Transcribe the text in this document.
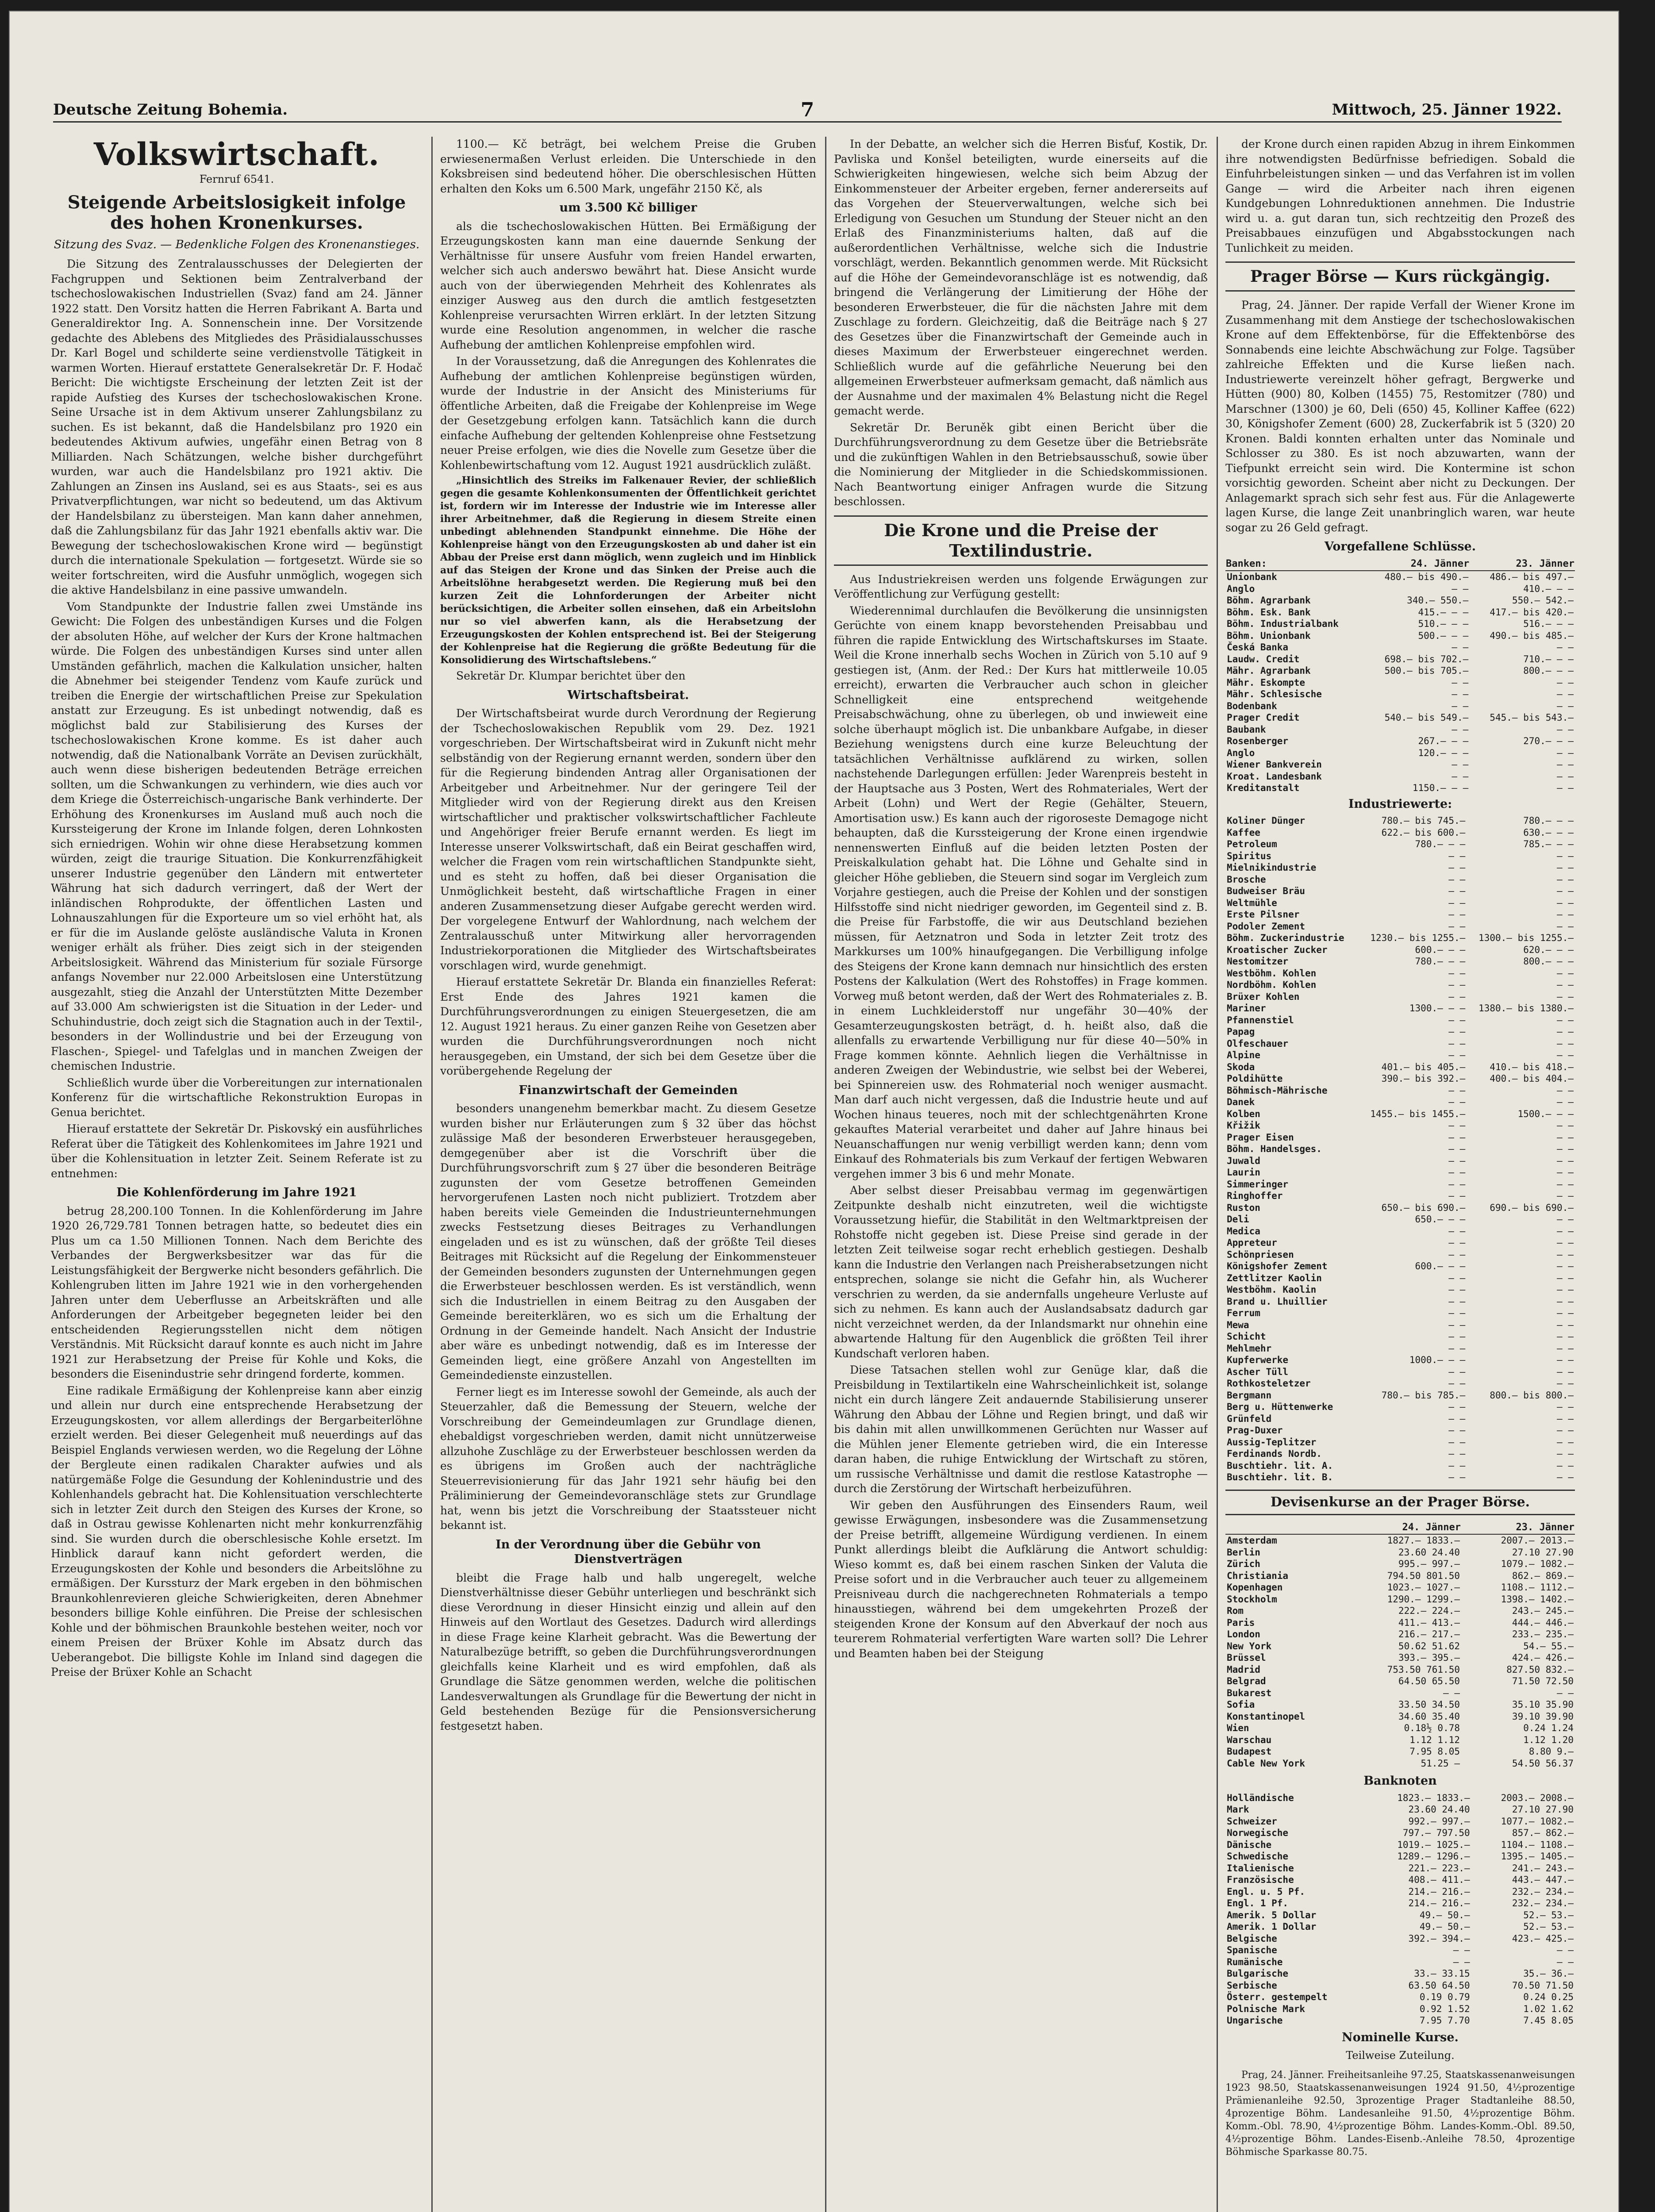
Deutsche Zeitung Bohemia.	7	Mittwoch, 25. Jänner 1922.
Volkswirtschaft.
Fernruf 6541.
Steigende Arbeitslosigkeit infolge des hohen Kronenkurses.
Sitzung des Svaz. — Bedenkliche Folgen des Kronenanstieges.

Die Sitzung des Zentralausschusses der Delegierten der Fachgruppen und Sektionen beim Zentralverband der tschechoslowakischen Industriellen (Svaz) fand am 24. Jänner 1922 statt. Den Vorsitz hatten die Herren Fabrikant A. Barta und Generaldirektor Ing. A. Sonnenschein inne. Der Vorsitzende gedachte des Ablebens des Mitgliedes des Präsidialausschusses Dr. Karl Bogel und schilderte seine verdienstvolle Tätigkeit in warmen Worten. Hierauf erstattete Generalsekretär Dr. F. Hodač Bericht: Die wichtigste Erscheinung der letzten Zeit ist der rapide Aufstieg des Kurses der tschechoslowakischen Krone. Seine Ursache ist in dem Aktivum unserer Zahlungsbilanz zu suchen. Es ist bekannt, daß die Handelsbilanz pro 1920 ein bedeutendes Aktivum aufwies, ungefähr einen Betrag von 8 Milliarden. Nach Schätzungen, welche bisher durchgeführt wurden, war auch die Handelsbilanz pro 1921 aktiv. Die Zahlungen an Zinsen ins Ausland, sei es aus Staats-, sei es aus Privatverpflichtungen, war nicht so bedeutend, um das Aktivum der Handelsbilanz zu übersteigen. Man kann daher annehmen, daß die Zahlungsbilanz für das Jahr 1921 ebenfalls aktiv war. Die Bewegung der tschechoslowakischen Krone wird — begünstigt durch die internationale Spekulation — fortgesetzt. Würde sie so weiter fortschreiten, wird die Ausfuhr unmöglich, wogegen sich die aktive Handelsbilanz in eine passive umwandeln.

Vom Standpunkte der Industrie fallen zwei Umstände ins Gewicht: Die Folgen des unbeständigen Kurses und die Folgen der absoluten Höhe, auf welcher der Kurs der Krone haltmachen würde. Die Folgen des unbeständigen Kurses sind unter allen Umständen gefährlich, machen die Kalkulation unsicher, halten die Abnehmer bei steigender Tendenz vom Kaufe zurück und treiben die Energie der wirtschaftlichen Preise zur Spekulation anstatt zur Erzeugung. Es ist unbedingt notwendig, daß es möglichst bald zur Stabilisierung des Kurses der tschechoslowakischen Krone komme. Es ist daher auch notwendig, daß die Nationalbank Vorräte an Devisen zurückhält, auch wenn diese bisherigen bedeutenden Beträge erreichen sollten, um die Schwankungen zu verhindern, wie dies auch vor dem Kriege die Österreichisch-ungarische Bank verhinderte. Der Erhöhung des Kronenkurses im Ausland muß auch noch die Kurssteigerung der Krone im Inlande folgen, deren Lohnkosten sich erniedrigen. Wohin wir ohne diese Herabsetzung kommen würden, zeigt die traurige Situation. Die Konkurrenzfähigkeit unserer Industrie gegenüber den Ländern mit entwerteter Währung hat sich dadurch verringert, daß der Wert der inländischen Rohprodukte, der öffentlichen Lasten und Lohnauszahlungen für die Exporteure um so viel erhöht hat, als er für die im Auslande gelöste ausländische Valuta in Kronen weniger erhält als früher. Dies zeigt sich in der steigenden Arbeitslosigkeit. Während das Ministerium für soziale Fürsorge anfangs November nur 22.000 Arbeitslosen eine Unterstützung ausgezahlt, stieg die Anzahl der Unterstützten Mitte Dezember auf 33.000 Am schwierigsten ist die Situation in der Leder- und Schuhindustrie, doch zeigt sich die Stagnation auch in der Textil-, besonders in der Wollindustrie und bei der Erzeugung von Flaschen-, Spiegel- und Tafelglas und in manchen Zweigen der chemischen Industrie.

Schließlich wurde über die Vorbereitungen zur internationalen Konferenz für die wirtschaftliche Rekonstruktion Europas in Genua berichtet.

Hierauf erstattete der Sekretär Dr. Piskovský ein ausführliches Referat über die Tätigkeit des Kohlenkomitees im Jahre 1921 und über die Kohlensituation in letzter Zeit. Seinem Referate ist zu entnehmen:

Die Kohlenförderung im Jahre 1921

betrug 28,200.100 Tonnen. In die Kohlenförderung im Jahre 1920 26,729.781 Tonnen betragen hatte, so bedeutet dies ein Plus um ca 1.50 Millionen Tonnen. Nach dem Berichte des Verbandes der Bergwerksbesitzer war das für die Leistungsfähigkeit der Bergwerke nicht besonders gefährlich. Die Kohlengruben litten im Jahre 1921 wie in den vorhergehenden Jahren unter dem Ueberflusse an Arbeitskräften und alle Anforderungen der Arbeitgeber begegneten leider bei den entscheidenden Regierungsstellen nicht dem nötigen Verständnis. Mit Rücksicht darauf konnte es auch nicht im Jahre 1921 zur Herabsetzung der Preise für Kohle und Koks, die besonders die Eisenindustrie sehr dringend forderte, kommen.

Eine radikale Ermäßigung der Kohlenpreise kann aber einzig und allein nur durch eine entsprechende Herabsetzung der Erzeugungskosten, vor allem allerdings der Bergarbeiterlöhne erzielt werden. Bei dieser Gelegenheit muß neuerdings auf das Beispiel Englands verwiesen werden, wo die Regelung der Löhne der Bergleute einen radikalen Charakter aufwies und als natürgemäße Folge die Gesundung der Kohlenindustrie und des Kohlenhandels gebracht hat. Die Kohlensituation verschlechterte sich in letzter Zeit durch den Steigen des Kurses der Krone, so daß in Ostrau gewisse Kohlenarten nicht mehr konkurrenzfähig sind. Sie wurden durch die oberschlesische Kohle ersetzt. Im Hinblick darauf kann nicht gefordert werden, die Erzeugungskosten der Kohle und besonders die Arbeitslöhne zu ermäßigen. Der Kurssturz der Mark ergeben in den böhmischen Braunkohlenrevieren gleiche Schwierigkeiten, deren Abnehmer besonders billige Kohle einführen. Die Preise der schlesischen Kohle und der böhmischen Braunkohle bestehen weiter, noch vor einem Preisen der Brüxer Kohle im Absatz durch das Ueberangebot. Die billigste Kohle im Inland sind dagegen die Preise der Brüxer Kohle an Schacht

1100.— Kč beträgt, bei welchem Preise die Gruben erwiesenermaßen Verlust erleiden. Die Unterschiede in den Koksbreisen sind bedeutend höher. Die oberschlesischen Hütten erhalten den Koks um 6.500 Mark, ungefähr 2150 Kč, als

um 3.500 Kč billiger

als die tschechoslowakischen Hütten. Bei Ermäßigung der Erzeugungskosten kann man eine dauernde Senkung der Verhältnisse für unsere Ausfuhr vom freien Handel erwarten, welcher sich auch anderswo bewährt hat. Diese Ansicht wurde auch von der überwiegenden Mehrheit des Kohlenrates als einziger Ausweg aus den durch die amtlich festgesetzten Kohlenpreise verursachten Wirren erklärt. In der letzten Sitzung wurde eine Resolution angenommen, in welcher die rasche Aufhebung der amtlichen Kohlenpreise empfohlen wird.

In der Voraussetzung, daß die Anregungen des Kohlenrates die Aufhebung der amtlichen Kohlenpreise begünstigen würden, wurde der Industrie in der Ansicht des Ministeriums für öffentliche Arbeiten, daß die Freigabe der Kohlenpreise im Wege der Gesetzgebung erfolgen kann. Tatsächlich kann die durch einfache Aufhebung der geltenden Kohlenpreise ohne Festsetzung neuer Preise erfolgen, wie dies die Novelle zum Gesetze über die Kohlenbewirtschaftung vom 12. August 1921 ausdrücklich zuläßt.

„Hinsichtlich des Streiks im Falkenauer Revier, der schließlich gegen die gesamte Kohlenkonsumenten der Öffentlichkeit gerichtet ist, fordern wir im Interesse der Industrie wie im Interesse aller ihrer Arbeitnehmer, daß die Regierung in diesem Streite einen unbedingt ablehnenden Standpunkt einnehme. Die Höhe der Kohlenpreise hängt von den Erzeugungskosten ab und daher ist ein Abbau der Preise erst dann möglich, wenn zugleich und im Hinblick auf das Steigen der Krone und das Sinken der Preise auch die Arbeitslöhne herabgesetzt werden. Die Regierung muß bei den kurzen Zeit die Lohnforderungen der Arbeiter nicht berücksichtigen, die Arbeiter sollen einsehen, daß ein Arbeitslohn nur so viel abwerfen kann, als die Herabsetzung der Erzeugungskosten der Kohlen entsprechend ist. Bei der Steigerung der Kohlenpreise hat die Regierung die größte Bedeutung für die Konsolidierung des Wirtschaftslebens.“

Sekretär Dr. Klumpar berichtet über den

Wirtschaftsbeirat.

Der Wirtschaftsbeirat wurde durch Verordnung der Regierung der Tschechoslowakischen Republik vom 29. Dez. 1921 vorgeschrieben. Der Wirtschaftsbeirat wird in Zukunft nicht mehr selbständig von der Regierung ernannt werden, sondern über den für die Regierung bindenden Antrag aller Organisationen der Arbeitgeber und Arbeitnehmer. Nur der geringere Teil der Mitglieder wird von der Regierung direkt aus den Kreisen wirtschaftlicher und praktischer volkswirtschaftlicher Fachleute und Angehöriger freier Berufe ernannt werden. Es liegt im Interesse unserer Volkswirtschaft, daß ein Beirat geschaffen wird, welcher die Fragen vom rein wirtschaftlichen Standpunkte sieht, und es steht zu hoffen, daß bei dieser Organisation die Unmöglichkeit besteht, daß wirtschaftliche Fragen in einer anderen Zusammensetzung dieser Aufgabe gerecht werden wird. Der vorgelegene Entwurf der Wahlordnung, nach welchem der Zentralausschuß unter Mitwirkung aller hervorragenden Industriekorporationen die Mitglieder des Wirtschaftsbeirates vorschlagen wird, wurde genehmigt.

Hierauf erstattete Sekretär Dr. Blanda ein finanzielles Referat: Erst Ende des Jahres 1921 kamen die Durchführungsverordnungen zu einigen Steuergesetzen, die am 12. August 1921 heraus. Zu einer ganzen Reihe von Gesetzen aber wurden die Durchführungsverordnungen noch nicht herausgegeben, ein Umstand, der sich bei dem Gesetze über die vorübergehende Regelung der

Finanzwirtschaft der Gemeinden

besonders unangenehm bemerkbar macht. Zu diesem Gesetze wurden bisher nur Erläuterungen zum § 32 über das höchst zulässige Maß der besonderen Erwerbsteuer herausgegeben, demgegenüber aber ist die Vorschrift über die Durchführungsvorschrift zum § 27 über die besonderen Beiträge zugunsten der vom Gesetze betroffenen Gemeinden hervorgerufenen Lasten noch nicht publiziert. Trotzdem aber haben bereits viele Gemeinden die Industrieunternehmungen zwecks Festsetzung dieses Beitrages zu Verhandlungen eingeladen und es ist zu wünschen, daß der größte Teil dieses Beitrages mit Rücksicht auf die Regelung der Einkommensteuer der Gemeinden besonders zugunsten der Unternehmungen gegen die Erwerbsteuer beschlossen werden. Es ist verständlich, wenn sich die Industriellen in einem Beitrag zu den Ausgaben der Gemeinde bereiterklären, wo es sich um die Erhaltung der Ordnung in der Gemeinde handelt. Nach Ansicht der Industrie aber wäre es unbedingt notwendig, daß es im Interesse der Gemeinden liegt, eine größere Anzahl von Angestellten im Gemeindedienste einzustellen.

Ferner liegt es im Interesse sowohl der Gemeinde, als auch der Steuerzahler, daß die Bemessung der Steuern, welche der Vorschreibung der Gemeindeumlagen zur Grundlage dienen, ehebaldigst vorgeschrieben werden, damit nicht unnützerweise allzuhohe Zuschläge zu der Erwerbsteuer beschlossen werden da es übrigens im Großen auch der nachträgliche Steuerrevisionierung für das Jahr 1921 sehr häufig bei den Präliminierung der Gemeindevoranschläge stets zur Grundlage hat, wenn bis jetzt die Vorschreibung der Staatssteuer nicht bekannt ist.

In der Verordnung über die Gebühr von Dienstverträgen

bleibt die Frage halb und halb ungeregelt, welche Dienstverhältnisse dieser Gebühr unterliegen und beschränkt sich diese Verordnung in dieser Hinsicht einzig und allein auf den Hinweis auf den Wortlaut des Gesetzes. Dadurch wird allerdings in diese Frage keine Klarheit gebracht. Was die Bewertung der Naturalbezüge betrifft, so geben die Durchführungsverordnungen gleichfalls keine Klarheit und es wird empfohlen, daß als Grundlage die Sätze genommen werden, welche die politischen Landesverwaltungen als Grundlage für die Bewertung der nicht in Geld bestehenden Bezüge für die Pensionsversicherung festgesetzt haben.

In der Debatte, an welcher sich die Herren Bisťuf, Kostik, Dr. Pavliska und Konšel beteiligten, wurde einerseits auf die Schwierigkeiten hingewiesen, welche sich beim Abzug der Einkommensteuer der Arbeiter ergeben, ferner andererseits auf das Vorgehen der Steuerverwaltungen, welche sich bei Erledigung von Gesuchen um Stundung der Steuer nicht an den Erlaß des Finanzministeriums halten, daß auf die außerordentlichen Verhältnisse, welche sich die Industrie vorschlägt, werden. Bekanntlich genommen werde. Mit Rücksicht auf die Höhe der Gemeindevoranschläge ist es notwendig, daß bringend die Verlängerung der Limitierung der Höhe der besonderen Erwerbsteuer, die für die nächsten Jahre mit dem Zuschlage zu fordern. Gleichzeitig, daß die Beiträge nach § 27 des Gesetzes über die Finanzwirtschaft der Gemeinde auch in dieses Maximum der Erwerbsteuer eingerechnet werden. Schließlich wurde auf die gefährliche Neuerung bei den allgemeinen Erwerbsteuer aufmerksam gemacht, daß nämlich aus der Ausnahme und der maximalen 4% Belastung nicht die Regel gemacht werde.

Sekretär Dr. Beruněk gibt einen Bericht über die Durchführungsverordnung zu dem Gesetze über die Betriebsräte und die zukünftigen Wahlen in den Betriebsausschuß, sowie über die Nominierung der Mitglieder in die Schiedskommissionen. Nach Beantwortung einiger Anfragen wurde die Sitzung beschlossen.

Die Krone und die Preise der Textilindustrie.

Aus Industriekreisen werden uns folgende Erwägungen zur Veröffentlichung zur Verfügung gestellt:

Wiederennimal durchlaufen die Bevölkerung die unsinnigsten Gerüchte von einem knapp bevorstehenden Preisabbau und führen die rapide Entwicklung des Wirtschaftskurses im Staate. Weil die Krone innerhalb sechs Wochen in Zürich von 5.10 auf 9 gestiegen ist, (Anm. der Red.: Der Kurs hat mittlerweile 10.05 erreicht), erwarten die Verbraucher auch schon in gleicher Schnelligkeit eine entsprechend weitgehende Preisabschwächung, ohne zu überlegen, ob und inwieweit eine solche überhaupt möglich ist. Die unbankbare Aufgabe, in dieser Beziehung wenigstens durch eine kurze Beleuchtung der tatsächlichen Verhältnisse aufklärend zu wirken, sollen nachstehende Darlegungen erfüllen: Jeder Warenpreis besteht in der Hauptsache aus 3 Posten, Wert des Rohmateriales, Wert der Arbeit (Lohn) und Wert der Regie (Gehälter, Steuern, Amortisation usw.) Es kann auch der rigoroseste Demagoge nicht behaupten, daß die Kurssteigerung der Krone einen irgendwie nennenswerten Einfluß auf die beiden letzten Posten der Preiskalkulation gehabt hat. Die Löhne und Gehalte sind in gleicher Höhe geblieben, die Steuern sind sogar im Vergleich zum Vorjahre gestiegen, auch die Preise der Kohlen und der sonstigen Hilfsstoffe sind nicht niedriger geworden, im Gegenteil sind z. B. die Preise für Farbstoffe, die wir aus Deutschland beziehen müssen, für Aetznatron und Soda in letzter Zeit trotz des Markkurses um 100% hinaufgegangen. Die Verbilligung infolge des Steigens der Krone kann demnach nur hinsichtlich des ersten Postens der Kalkulation (Wert des Rohstoffes) in Frage kommen. Vorweg muß betont werden, daß der Wert des Rohmateriales z. B. in einem Luchkleiderstoff nur ungefähr 30—40% der Gesamterzeugungskosten beträgt, d. h. heißt also, daß die allenfalls zu erwartende Verbilligung nur für diese 40—50% in Frage kommen könnte. Aehnlich liegen die Verhältnisse in anderen Zweigen der Webindustrie, wie selbst bei der Weberei, bei Spinnereien usw. des Rohmaterial noch weniger ausmacht. Man darf auch nicht vergessen, daß die Industrie heute und auf Wochen hinaus teueres, noch mit der schlechtgenährten Krone gekauftes Material verarbeitet und daher auf Jahre hinaus bei Neuanschaffungen nur wenig verbilligt werden kann; denn vom Einkauf des Rohmaterials bis zum Verkauf der fertigen Webwaren vergehen immer 3 bis 6 und mehr Monate.

Aber selbst dieser Preisabbau vermag im gegenwärtigen Zeitpunkte deshalb nicht einzutreten, weil die wichtigste Voraussetzung hiefür, die Stabilität in den Weltmarktpreisen der Rohstoffe nicht gegeben ist. Diese Preise sind gerade in der letzten Zeit teilweise sogar recht erheblich gestiegen. Deshalb kann die Industrie den Verlangen nach Preisherabsetzungen nicht entsprechen, solange sie nicht die Gefahr hin, als Wucherer verschrien zu werden, da sie andernfalls ungeheure Verluste auf sich zu nehmen. Es kann auch der Auslandsabsatz dadurch gar nicht verzeichnet werden, da der Inlandsmarkt nur ohnehin eine abwartende Haltung für den Augenblick die größten Teil ihrer Kundschaft verloren haben.

Diese Tatsachen stellen wohl zur Genüge klar, daß die Preisbildung in Textilartikeln eine Wahrscheinlichkeit ist, solange nicht ein durch längere Zeit andauernde Stabilisierung unserer Währung den Abbau der Löhne und Regien bringt, und daß wir bis dahin mit allen unwillkommenen Gerüchten nur Wasser auf die Mühlen jener Elemente getrieben wird, die ein Interesse daran haben, die ruhige Entwicklung der Wirtschaft zu stören, um russische Verhältnisse und damit die restlose Katastrophe — durch die Zerstörung der Wirtschaft herbeizuführen.

Wir geben den Ausführungen des Einsenders Raum, weil gewisse Erwägungen, insbesondere was die Zusammensetzung der Preise betrifft, allgemeine Würdigung verdienen. In einem Punkt allerdings bleibt die Aufklärung die Antwort schuldig: Wieso kommt es, daß bei einem raschen Sinken der Valuta die Preise sofort und in die Verbraucher auch teuer zu allgemeinem Preisniveau durch die nachgerechneten Rohmaterials a tempo hinausstiegen, während bei dem umgekehrten Prozeß der steigenden Krone der Konsum auf den Abverkauf der noch aus teurerem Rohmaterial verfertigten Ware warten soll? Die Lehrer und Beamten haben bei der Steigung

der Krone durch einen rapiden Abzug in ihrem Einkommen ihre notwendigsten Bedürfnisse befriedigen. Sobald die Einfuhrbeleistungen sinken — und das Verfahren ist im vollen Gange — wird die Arbeiter nach ihren eigenen Kundgebungen Lohnreduktionen annehmen. Die Industrie wird u. a. gut daran tun, sich rechtzeitig den Prozeß des Preisabbaues einzufügen und Abgabsstockungen nach Tunlichkeit zu meiden.

Prager Börse — Kurs rückgängig.

Prag, 24. Jänner. Der rapide Verfall der Wiener Krone im Zusammenhang mit dem Anstiege der tschechoslowakischen Krone auf dem Effektenbörse, für die Effektenbörse des Sonnabends eine leichte Abschwächung zur Folge. Tagsüber zahlreiche Effekten und die Kurse ließen nach. Industriewerte vereinzelt höher gefragt, Bergwerke und Hütten (900) 80, Kolben (1455) 75, Restomitzer (780) und Marschner (1300) je 60, Deli (650) 45, Kolliner Kaffee (622) 30, Königshofer Zement (600) 28, Zuckerfabrik ist 5 (320) 20 Kronen. Baldi konnten erhalten unter das Nominale und Schlosser zu 380. Es ist noch abzuwarten, wann der Tiefpunkt erreicht sein wird. Die Kontermine ist schon vorsichtig geworden. Scheint aber nicht zu Deckungen. Der Anlagemarkt sprach sich sehr fest aus. Für die Anlagewerte lagen Kurse, die lange Zeit unanbringlich waren, war heute sogar zu 26 Geld gefragt.

Vorgefallene Schlüsse.
Banken:	24. Jänner	23. Jänner
Unionbank	480.— bis 490.—	486.— bis 497.—
Anglo	— —	410.— — —
Böhm. Agrarbank	340.— 550.—	550.— 542.—
Böhm. Esk. Bank	415.— — —	417.— bis 420.—
Böhm. Industrialbank	510.— — —	516.— — —
Böhm. Unionbank	500.— — —	490.— bis 485.—
Česká Banka	— —	— —
Laudw. Credit	698.— bis 702.—	710.— — —
Mähr. Agrarbank	500.— bis 705.—	800.— — —
Mähr. Eskompte	— —	— —
Mähr. Schlesische	— —	— —
Bodenbank	— —	— —
Prager Credit	540.— bis 549.—	545.— bis 543.—
Baubank	— —	— —
Rosenberger	267.— — —	270.— — —
Anglo	120.— — —	— —
Wiener Bankverein	— —	— —
Kroat. Landesbank	— —	— —
Kreditanstalt	1150.— — —	— —
Industriewerte:
Koliner Dünger	780.— bis 745.—	780.— — —
Kaffee	622.— bis 600.—	630.— — —
Petroleum	780.— — —	785.— — —
Spiritus	— —	— —
Mielnikindustrie	— —	— —
Brosche	— —	— —
Budweiser Bräu	— —	— —
Weltmühle	— —	— —
Erste Pilsner	— —	— —
Podoler Zement	— —	— —
Böhm. Zuckerindustrie	1230.— bis 1255.—	1300.— bis 1255.—
Kroatischer Zucker	600.— — —	620.— — —
Nestomitzer	780.— — —	800.— — —
Westböhm. Kohlen	— —	— —
Nordböhm. Kohlen	— —	— —
Brüxer Kohlen	— —	— —
Mariner	1300.— — —	1380.— bis 1380.—
Pfannenstiel	— —	— —
Papag	— —	— —
Olfeschauer	— —	— —
Alpine	— —	— —
Skoda	401.— bis 405.—	410.— bis 418.—
Poldihütte	390.— bis 392.—	400.— bis 404.—
Böhmisch-Mährische	— —	— —
Danek	— —	— —
Kolben	1455.— bis 1455.—	1500.— — —
Křižik	— —	— —
Prager Eisen	— —	— —
Böhm. Handelsges.	— —	— —
Juwald	— —	— —
Laurin	— —	— —
Simmeringer	— —	— —
Ringhoffer	— —	— —
Ruston	650.— bis 690.—	690.— bis 690.—
Deli	650.— — —	— —
Medica	— —	— —
Appreteur	— —	— —
Schönpriesen	— —	— —
Königshofer Zement	600.— — —	— —
Zettlitzer Kaolin	— —	— —
Westböhm. Kaolin	— —	— —
Brand u. Lhuillier	— —	— —
Ferrum	— —	— —
Mewa	— —	— —
Schicht	— —	— —
Mehlmehr	— —	— —
Kupferwerke	1000.— — —	— —
Ascher Tüll	— —	— —
Rothkosteletzer	— —	— —
Bergmann	780.— bis 785.—	800.— bis 800.—
Berg u. Hüttenwerke	— —	— —
Grünfeld	— —	— —
Prag-Duxer	— —	— —
Aussig-Teplitzer	— —	— —
Ferdinands Nordb.	— —	— —
Buschtiehr. lit. A.	— —	— —
Buschtiehr. lit. B.	— —	— —
Devisenkurse an der Prager Börse.
	24. Jänner	23. Jänner
Amsterdam	1827.— 1833.—	2007.— 2013.—
Berlin	23.60 24.40	27.10 27.90
Zürich	995.— 997.—	1079.— 1082.—
Christiania	794.50 801.50	862.— 869.—
Kopenhagen	1023.— 1027.—	1108.— 1112.—
Stockholm	1290.— 1299.—	1398.— 1402.—
Rom	222.— 224.—	243.— 245.—
Paris	411.— 413.—	444.— 446.—
London	216.— 217.—	233.— 235.—
New York	50.62 51.62	54.— 55.—
Brüssel	393.— 395.—	424.— 426.—
Madrid	753.50 761.50	827.50 832.—
Belgrad	64.50 65.50	71.50 72.50
Bukarest	— —	— —
Sofia	33.50 34.50	35.10 35.90
Konstantinopel	34.60 35.40	39.10 39.90
Wien	0.18½ 0.78	0.24 1.24
Warschau	1.12 1.12	1.12 1.20
Budapest	7.95 8.05	8.80 9.—
Cable New York	51.25 —	54.50 56.37
Banknoten
Holländische	1823.— 1833.—	2003.— 2008.—
Mark	23.60 24.40	27.10 27.90
Schweizer	992.— 997.—	1077.— 1082.—
Norwegische	797.— 797.50	857.— 862.—
Dänische	1019.— 1025.—	1104.— 1108.—
Schwedische	1289.— 1296.—	1395.— 1405.—
Italienische	221.— 223.—	241.— 243.—
Französische	408.— 411.—	443.— 447.—
Engl. u. 5 Pf.	214.— 216.—	232.— 234.—
Engl. 1 Pf.	214.— 216.—	232.— 234.—
Amerik. 5 Dollar	49.— 50.—	52.— 53.—
Amerik. 1 Dollar	49.— 50.—	52.— 53.—
Belgische	392.— 394.—	423.— 425.—
Spanische	— —	— —
Rumänische	— —	— —
Bulgarische	33.— 33.15	35.— 36.—
Serbische	63.50 64.50	70.50 71.50
Österr. gestempelt	0.19 0.79	0.24 0.25
Polnische Mark	0.92 1.52	1.02 1.62
Ungarische	7.95 7.70	7.45 8.05
Nominelle Kurse.
Teilweise Zuteilung.

Prag, 24. Jänner. Freiheitsanleihe 97.25, Staatskassenanweisungen 1923 98.50, Staatskassenanweisungen 1924 91.50, 4½prozentige Prämienanleihe 92.50, 3prozentige Prager Stadtanleihe 88.50, 4prozentige Böhm. Landesanleihe 91.50, 4½prozentige Böhm. Komm.-Obl. 78.90, 4½prozentige Böhm. Landes-Komm.-Obl. 89.50, 4½prozentige Böhm. Landes-Eisenb.-Anleihe 78.50, 4prozentige Böhmische Sparkasse 80.75.
